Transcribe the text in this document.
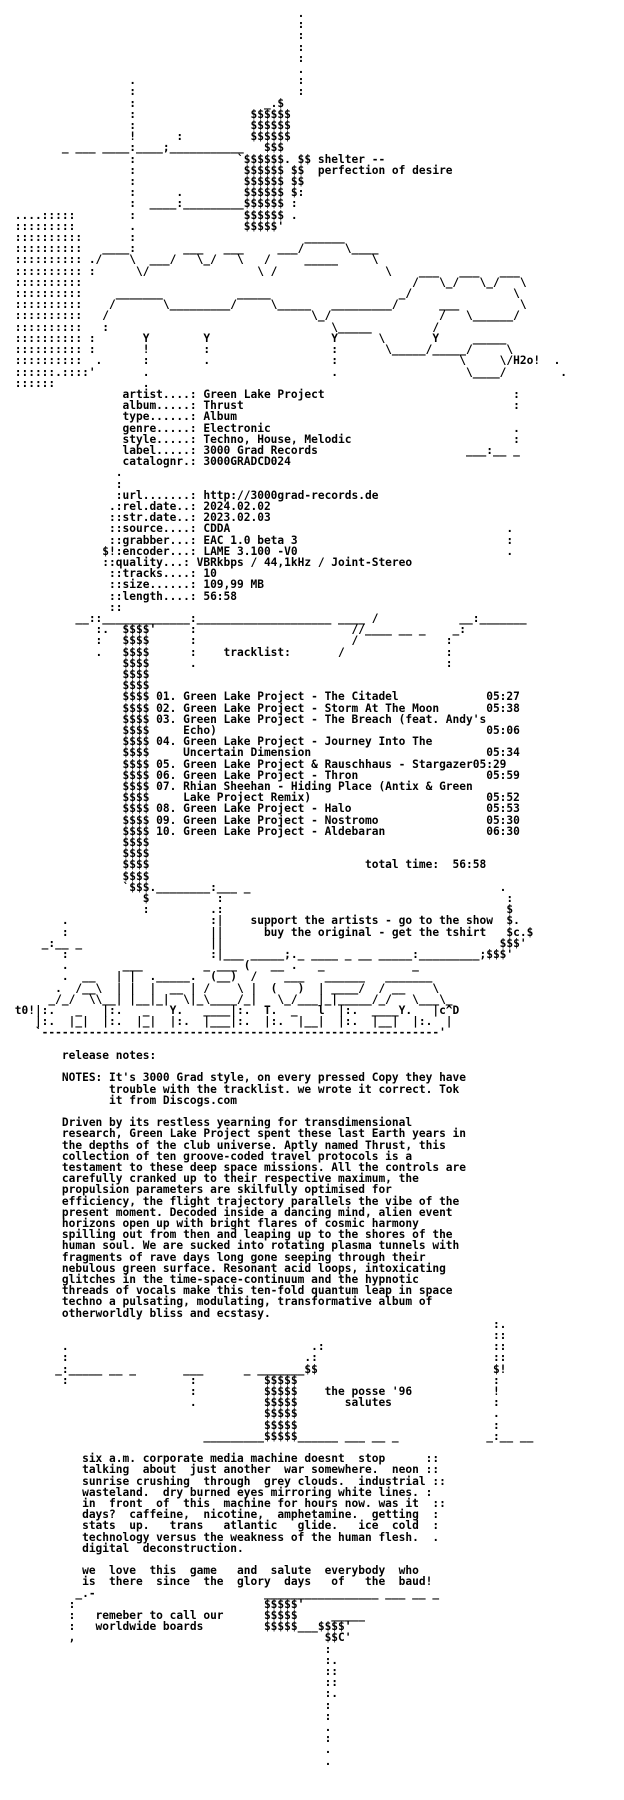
.
:
:
:
:
.
.                        :
:                        :
:                   _.$
:                 $$$$$$
:                 $$$$$$
!      :          $$$$$$
_ ___ ____:____;___________   $$$
:               `$$$$$$. $$ shelter --
:                $$$$$$ $$  perfection of desire
:                $$$$$$ $$
:      .         $$$$$$ $:
:  ____:_________$$$$$$ :
....:::::        :                $$$$$$ .
:::::::::        .                $$$$$'
::::::::::       :                         ______
::::::::::   ____:       ___   ___     ___/      \____
:::::::::: ./    \  ___/   \_/   \   /     _____     \
:::::::::: :      \/                \ /                \    ___   ___   ___
::::::::::                                                 /   \_/   \_/   \
::::::::::     _______           _____                   _/               \
::::::::::    /       \_________/     \_____   _________/      ___         \
::::::::::   /                              \_/                /   \______/
::::::::::   :                                 \_____         /
:::::::::: :       Y        Y                  Y      \       Y     _____
:::::::::: :       !        :                  :       \_____/_____/     \
::::::::::  .      :        .                  :                  \     \/H2o!  .
::::::.::::'       .                           .                   \____/        .
::::::             .
artist....: Green Lake Project                            :
album.....: Thrust                                        :
type......: Album
genre.....: Electronic                                    .
style.....: Techno, House, Melodic                        :
label.....: 3000 Grad Records                      ___:__ _
catalognr.: 3000GRADCD024
.
:
:url.......: http://3000grad-records.de
.:rel.date..: 2024.02.02
::str.date..: 2023.02.03
::source....: CDDA                                         .
::grabber...: EAC 1.0 beta 3                               :
$!:encoder...: LAME 3.100 -V0                               .
::quality...: VBRkbps / 44,1kHz / Joint-Stereo
::tracks....: 10
::size......: 109,99 MB
::length....: 56:58
::
__::_____________:____________________ ____ /            __:_______
:.  $$$$'     :                       //____ __ _    _:
:   $$$$      :                       /             :
.   $$$$      :    tracklist:       /               :
$$$$      .                                     :
$$$$
$$$$
$$$$ 01. Green Lake Project - The Citadel             05:27
$$$$ 02. Green Lake Project - Storm At The Moon       05:38
$$$$ 03. Green Lake Project - The Breach (feat. Andy's
$$$$     Echo)                                        05:06
$$$$ 04. Green Lake Project - Journey Into The
$$$$     Uncertain Dimension                          05:34
$$$$ 05. Green Lake Project & Rauschhaus - Stargazer05:29
$$$$ 06. Green Lake Project - Thron                   05:59
$$$$ 07. Rhian Sheehan - Hiding Place (Antix & Green
$$$$     Lake Project Remix)                          05:52
$$$$ 08. Green Lake Project - Halo                    05:53
$$$$ 09. Green Lake Project - Nostromo                05:30
$$$$ 10. Green Lake Project - Aldebaran               06:30
$$$$
$$$$
$$$$                                total time:  56:58
$$$$
`$$$.________:___ _                                     .
$          :                                          :
:         .:                                          $
.                     :|    support the artists - go to the show  $.
:                     ||      buy the original - get the tshirt   $c.$
_:__ _                   ||                                         $$$'
:                     :|___ _____;._ ____ _ __ _____:_________;$$$'
.        ___         _ ___ (   __ .   _             _
.  __   | |  ._____.  (__)  /    ___   ______   _______
.  /__\  | |  |  __ | /    \ |  (   )  | ____/  / __    \
_/_/  \\__| |__|_|  \|_\____/_|   \_/___|_|_____/_/   \___\_
t0!|:.   _   |:.   _   Y.   ____|:.  T.  _   l  |:.  ____Y.   |c^D
|:.  |_|  |:.  |_|  |:.  |___|:.  |:.  |__|  |:.  |__|  |:.  |
`-----------------------------------------------------------'

release notes:

NOTES: It's 3000 Grad style, on every pressed Copy they have
trouble with the tracklist. we wrote it correct. Tok
it from Discogs.com

Driven by its restless yearning for transdimensional
research, Green Lake Project spent these last Earth years in
the depths of the club universe. Aptly named Thrust, this
collection of ten groove-coded travel protocols is a
testament to these deep space missions. All the controls are
carefully cranked up to their respective maximum, the
propulsion parameters are skilfully optimised for
efficiency, the flight trajectory parallels the vibe of the
present moment. Decoded inside a dancing mind, alien event
horizons open up with bright flares of cosmic harmony
spilling out from then and leaping up to the shores of the
human soul. We are sucked into rotating plasma tunnels with
fragments of rave days long gone seeping through their
nebulous green surface. Resonant acid loops, intoxicating
glitches in the time-space-continuum and the hypnotic
threads of vocals make this ten-fold quantum leap in space
techno a pulsating, modulating, transformative album of
otherworldly bliss and ecstasy.
:.
::
.                                    .:                         ::
:                                   .:                          ::
_:_____ __ _       ___      _ _______$$                          $!
:                  :          $$$$$                             :
:          $$$$$    the posse '96            !
.          $$$$$       salutes               :
$$$$$                             .
$$$$$                             :
_________$$$$$______ ___ __ _             _:__ __

six a.m. corporate media machine doesnt  stop      ::
talking  about  just another  war somewhere.  neon ::
sunrise crushing  through  grey clouds.  industrial ::
wasteland.  dry burned eyes mirroring white lines. :
in  front  of  this  machine for hours now. was it  ::
days?  caffeine,  nicotine,  amphetamine.  getting  :
stats  up.   trans   atlantic   glide.   ice  cold  :
technology versus the weakness of the human flesh.  .
digital  deconstruction.

we  love  this  game   and  salute  everybody  who
is  there  since  the  glory  days   of   the  baud!
_.-                         _________________ ___ __ _
:                            $$$$$'
:   remeber to call our      $$$$$     _____
:   worldwide boards         $$$$$___$$$$'
,                                     $$C'
:
:.
::
::
:.
:
:
.
:
.
.
